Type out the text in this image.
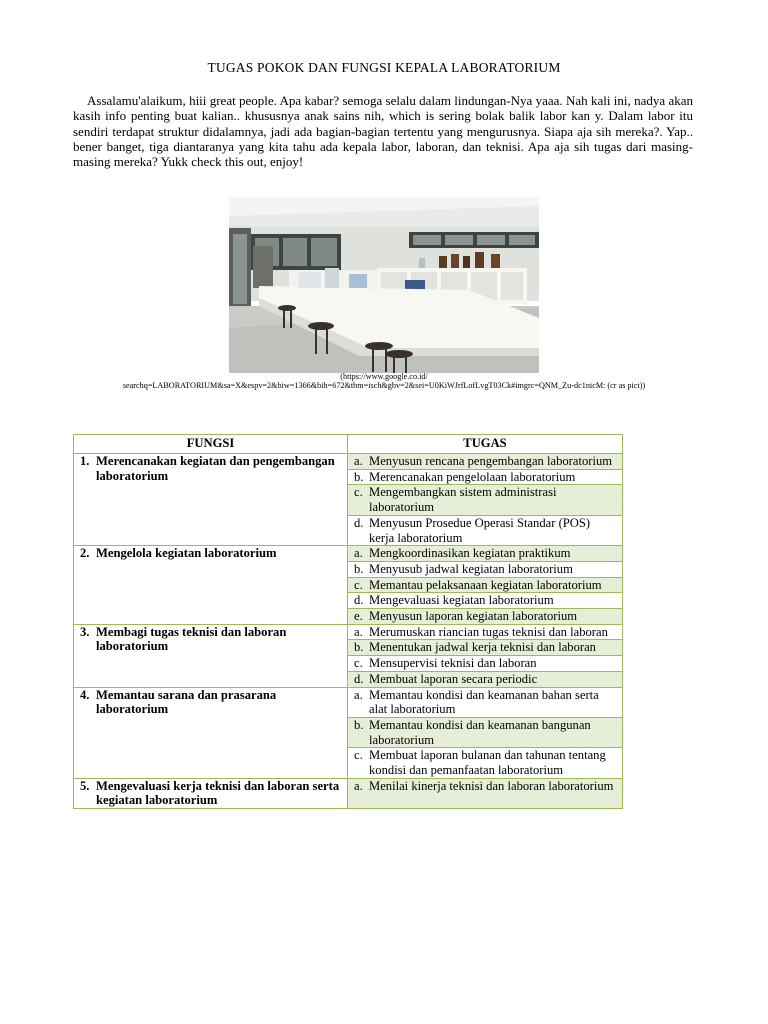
TUGAS POKOK DAN FUNGSI KEPALA LABORATORIUM

Assalamu'alaikum, hiii great people. Apa kabar? semoga selalu dalam lindungan-Nya yaaa. Nah kali ini, nadya akan kasih info penting buat kalian.. khususnya anak sains nih, which is sering bolak balik labor kan y. Dalam labor itu sendiri terdapat struktur didalamnya, jadi ada bagian-bagian tertentu yang mengurusnya. Siapa aja sih mereka?. Yap.. bener banget, tiga diantaranya yang kita tahu ada kepala labor, laboran, dan teknisi. Apa aja sih tugas dari masing-masing mereka? Yukk check this out, enjoy!

(https://www.google.co.id/
searchq=LABORATORIUM&sa=X&espv=2&biw=1366&bih=672&tbm=isch&gbv=2&sei=U0KiWJrfLofLvgT03Ck#imgrc=QNM_Zu-dc1nicM: (cr as pict))
FUNGSI	TUGAS

1. Merencanakan kegiatan dan pengembangan laboratorium	a. Menyusun rencana pengembangan laboratorium

	b. Merencanakan pengelolaan laboratorium

	c. Mengembangkan sistem administrasi laboratorium

	d. Menyusun Prosedue Operasi Standar (POS) kerja laboratorium

2. Mengelola kegiatan laboratorium	a. Mengkoordinasikan kegiatan praktikum

	b. Menyusub jadwal kegiatan laboratorium

	c. Memantau pelaksanaan kegiatan laboratorium

	d. Mengevaluasi kegiatan laboratorium

	e. Menyusun laporan kegiatan laboratorium

3. Membagi tugas teknisi dan laboran laboratorium	a. Merumuskan riancian tugas teknisi dan laboran

	b. Menentukan jadwal kerja teknisi dan laboran

	c. Mensupervisi teknisi dan laboran

	d. Membuat laporan secara periodic

4. Memantau sarana dan prasarana laboratorium	a. Memantau kondisi dan keamanan bahan serta alat laboratorium

	b. Memantau kondisi dan keamanan bangunan laboratorium

	c. Membuat laporan bulanan dan tahunan tentang kondisi dan pemanfaatan laboratorium

5. Mengevaluasi kerja teknisi dan laboran serta kegiatan laboratorium	a. Menilai kinerja teknisi dan laboran laboratorium
